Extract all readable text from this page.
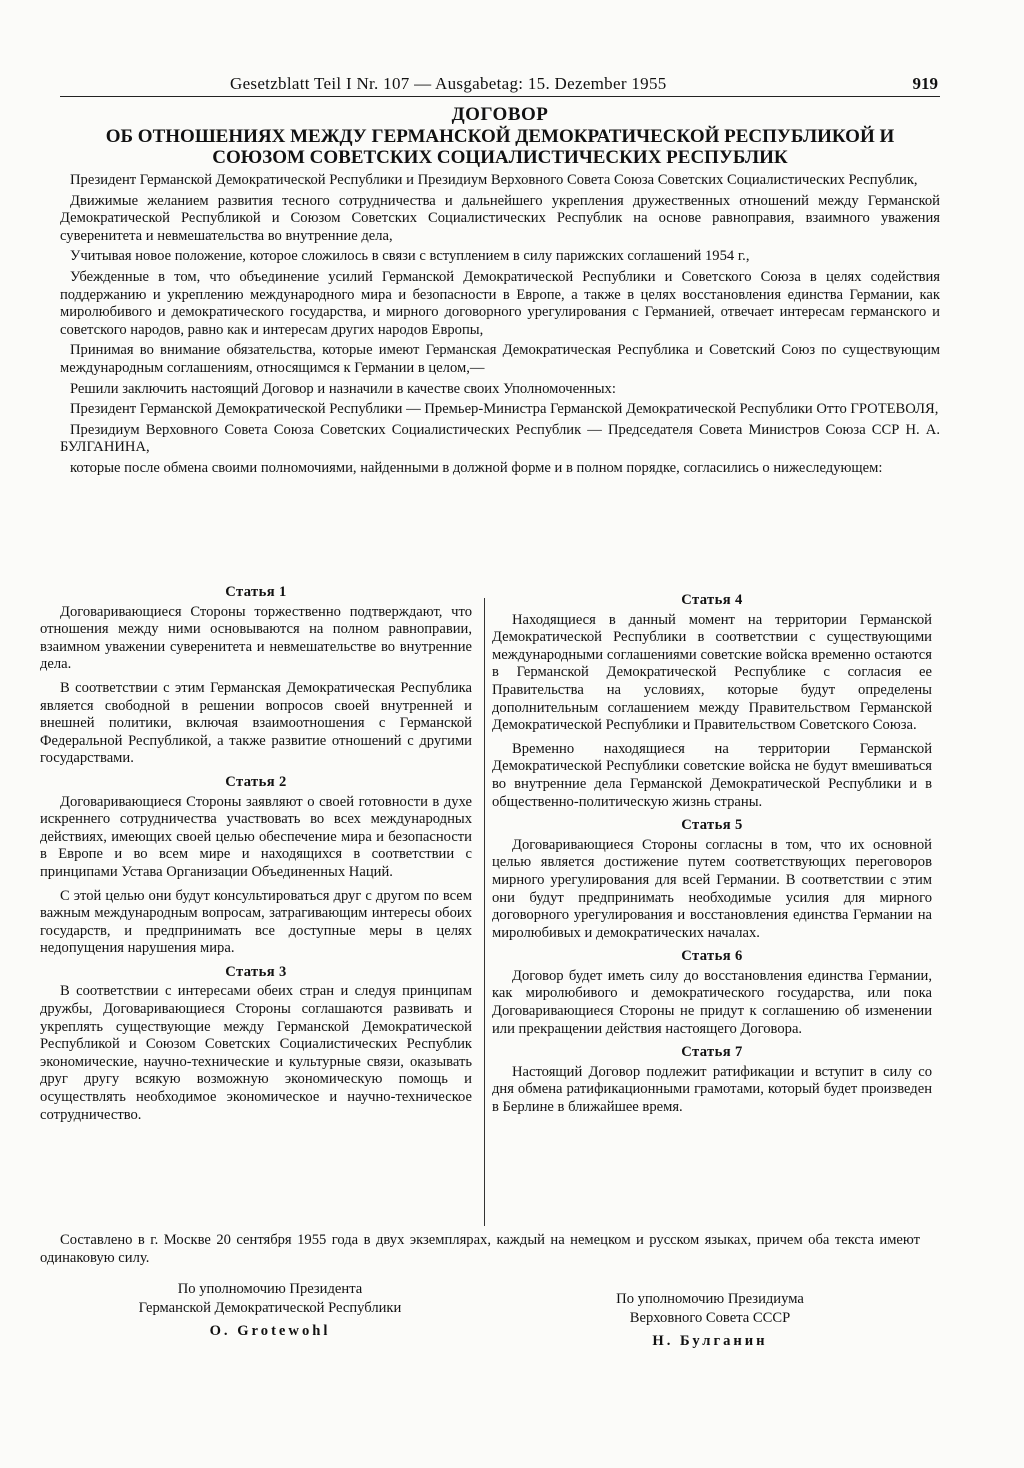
Gesetzblatt Teil I Nr. 107 — Ausgabetag: 15. Dezember 1955	919
ДОГОВОР
ОБ ОТНОШЕНИЯХ МЕЖДУ ГЕРМАНСКОЙ ДЕМОКРАТИЧЕСКОЙ РЕСПУБЛИКОЙ И
СОЮЗОМ СОВЕТСКИХ СОЦИАЛИСТИЧЕСКИХ РЕСПУБЛИК

Президент Германской Демократической Республики и Президиум Верховного Совета Союза Советских Социалистических Республик,

Движимые желанием развития тесного сотрудничества и дальнейшего укрепления дружественных отношений между Германской Демократической Республикой и Союзом Советских Социалистических Республик на основе равноправия, взаимного уважения суверенитета и невмешательства во внутренние дела,

Учитывая новое положение, которое сложилось в связи с вступлением в силу парижских соглашений 1954 г.,

Убежденные в том, что объединение усилий Германской Демократической Республики и Советского Союза в целях содействия поддержанию и укреплению международного мира и безопасности в Европе, а также в целях восстановления единства Германии, как миролюбивого и демократического государства, и мирного договорного урегулирования с Германией, отвечает интересам германского и советского народов, равно как и интересам других народов Европы,

Принимая во внимание обязательства, которые имеют Германская Демократическая Республика и Советский Союз по существующим международным соглашениям, относящимся к Германии в целом,—

Решили заключить настоящий Договор и назначили в качестве своих Уполномоченных:

Президент Германской Демократической Республики — Премьер-Министра Германской Демократической Республики Отто ГРОТЕВОЛЯ,

Президиум Верховного Совета Союза Советских Социалистических Республик — Председателя Совета Министров Союза ССР Н. А. БУЛГАНИНА,

которые после обмена своими полномочиями, найденными в должной форме и в полном порядке, согласились о нижеследующем:

Статья 1

Договаривающиеся Стороны торжественно подтверждают, что отношения между ними основываются на полном равноправии, взаимном уважении суверенитета и невмешательстве во внутренние дела.

В соответствии с этим Германская Демократическая Республика является свободной в решении вопросов своей внутренней и внешней политики, включая взаимоотношения с Германской Федеральной Республикой, а также развитие отношений с другими государствами.

Статья 2

Договаривающиеся Стороны заявляют о своей готовности в духе искреннего сотрудничества участвовать во всех международных действиях, имеющих своей целью обеспечение мира и безопасности в Европе и во всем мире и находящихся в соответствии с принципами Устава Организации Объединенных Наций.

С этой целью они будут консультироваться друг с другом по всем важным международным вопросам, затрагивающим интересы обоих государств, и предпринимать все доступные меры в целях недопущения нарушения мира.

Статья 3

В соответствии с интересами обеих стран и следуя принципам дружбы, Договаривающиеся Стороны соглашаются развивать и укреплять существующие между Германской Демократической Республикой и Союзом Советских Социалистических Республик экономические, научно-технические и культурные связи, оказывать друг другу всякую возможную экономическую помощь и осуществлять необходимое экономическое и научно-техническое сотрудничество.

Статья 4

Находящиеся в данный момент на территории Германской Демократической Республики в соответствии с существующими международными соглашениями советские войска временно остаются в Германской Демократической Республике с согласия ее Правительства на условиях, которые будут определены дополнительным соглашением между Правительством Германской Демократической Республики и Правительством Советского Союза.

Временно находящиеся на территории Германской Демократической Республики советские войска не будут вмешиваться во внутренние дела Германской Демократической Республики и в общественно-политическую жизнь страны.

Статья 5

Договаривающиеся Стороны согласны в том, что их основной целью является достижение путем соответствующих переговоров мирного урегулирования для всей Германии. В соответствии с этим они будут предпринимать необходимые усилия для мирного договорного урегулирования и восстановления единства Германии на миролюбивых и демократических началах.

Статья 6

Договор будет иметь силу до восстановления единства Германии, как миролюбивого и демократического государства, или пока Договаривающиеся Стороны не придут к соглашению об изменении или прекращении действия настоящего Договора.

Статья 7

Настоящий Договор подлежит ратификации и вступит в силу со дня обмена ратификационными грамотами, который будет произведен в Берлине в ближайшее время.

Составлено в г. Москве 20 сентября 1955 года в двух экземплярах, каждый на немецком и русском языках, причем оба текста имеют одинаковую силу.
По уполномочию Президента
Германской Демократической Республики
O. Grotewohl
По уполномочию Президиума
Верховного Совета СССР
Н. Булганин
